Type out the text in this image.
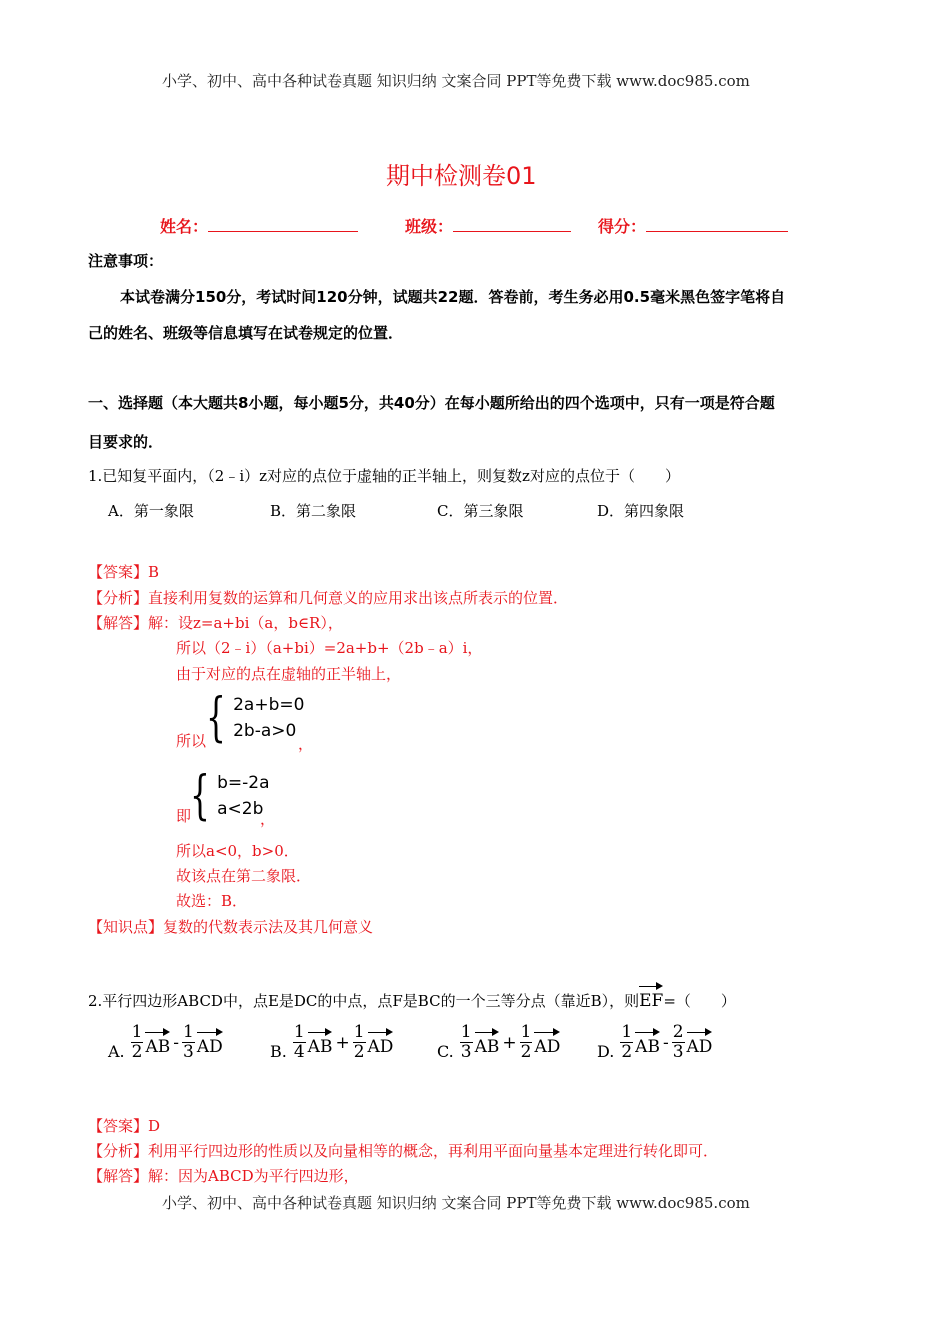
小学、初中、高中各种试卷真题 知识归纳 文案合同 PPT等免费下载 www.doc985.com
期中检测卷01
姓名：	班级：	得分：
注意事项：
本试卷满分150分，考试时间120分钟，试题共22题．答卷前，考生务必用0.5毫米黑色签字笔将自
己的姓名、班级等信息填写在试卷规定的位置．
一、选择题（本大题共8小题，每小题5分，共40分）在每小题所给出的四个选项中，只有一项是符合题
目要求的．
1.已知复平面内，（2﹣i）z对应的点位于虚轴的正半轴上，则复数z对应的点位于（　　）
A．第一象限	B．第二象限	C．第三象限	D．第四象限
【答案】B
【分析】直接利用复数的运算和几何意义的应用求出该点所表示的位置．
【解答】解：设z=a+bi（a，b∈R），
所以（2﹣i）（a+bi）=2a+b+（2b﹣a）i，
由于对应的点在虚轴的正半轴上，
所以 { 2a+b=0
2b-a>0
，
即
{ b=-2a
a<2b
，
所以a<0，b>0．
故该点在第二象限．
故选：B．
【知识点】复数的代数表示法及其几何意义
2.平行四边形ABCD中，点E是DC的中点，点F是BC的一个三等分点（靠近B），则 EF =（　　）
A. $\frac{1}{2}$ AB - $\frac{1}{3}$ AD	B. $\frac{1}{4}$ AB + $\frac{1}{2}$ AD	C. $\frac{1}{3}$ AB + $\frac{1}{2}$ AD D. $\frac{1}{2}$ AB - $\frac{2}{3}$ AD
【答案】D
【分析】利用平行四边形的性质以及向量相等的概念，再利用平面向量基本定理进行转化即可．
【解答】解：因为ABCD为平行四边形，
小学、初中、高中各种试卷真题 知识归纳 文案合同 PPT等免费下载 www.doc985.com
